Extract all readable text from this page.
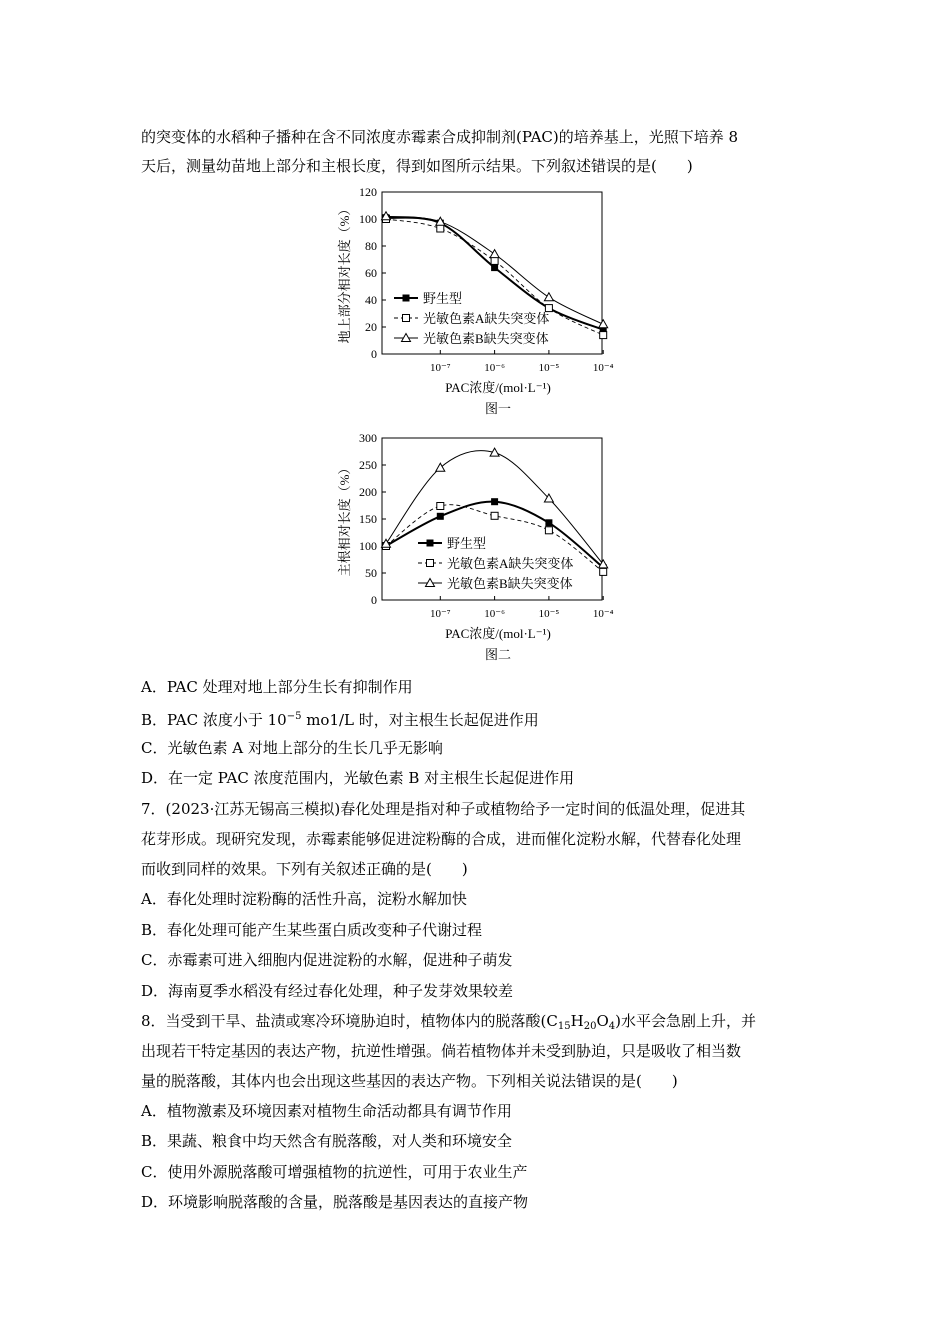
的突变体的水稻种子播种在含不同浓度赤霉素合成抑制剂(PAC)的培养基上，光照下培养 8
天后，测量幼苗地上部分和主根长度，得到如图所示结果。下列叙述错误的是(　　)
0
20
40
60
80
100
120
10⁻⁷	10⁻⁶	10⁻⁵	10⁻⁴
地上部分相对长度（%）
PAC浓度/(mol·L⁻¹)
图一
野生型
光敏色素A缺失突变体
光敏色素B缺失突变体
0
50
100
150
200
250
300
10⁻⁷	10⁻⁶	10⁻⁵	10⁻⁴
主根相对长度（%）
PAC浓度/(mol·L⁻¹)
图二
野生型
光敏色素A缺失突变体
光敏色素B缺失突变体
A．PAC 处理对地上部分生长有抑制作用
B．PAC 浓度小于 $10^{-5}$ mo1/L 时，对主根生长起促进作用
C．光敏色素 A 对地上部分的生长几乎无影响
D．在一定 PAC 浓度范围内，光敏色素 B 对主根生长起促进作用
7．(2023·江苏无锡高三模拟)春化处理是指对种子或植物给予一定时间的低温处理，促进其
花芽形成。现研究发现，赤霉素能够促进淀粉酶的合成，进而催化淀粉水解，代替春化处理
而收到同样的效果。下列有关叙述正确的是(　　)
A．春化处理时淀粉酶的活性升高，淀粉水解加快
B．春化处理可能产生某些蛋白质改变种子代谢过程
C．赤霉素可进入细胞内促进淀粉的水解，促进种子萌发
D．海南夏季水稻没有经过春化处理，种子发芽效果较差
8．当受到干旱、盐渍或寒冷环境胁迫时，植物体内的脱落酸$(C_{15}H_{20}O_4)$水平会急剧上升，并
出现若干特定基因的表达产物，抗逆性增强。倘若植物体并未受到胁迫，只是吸收了相当数
量的脱落酸，其体内也会出现这些基因的表达产物。下列相关说法错误的是(　　)
A．植物激素及环境因素对植物生命活动都具有调节作用
B．果蔬、粮食中均天然含有脱落酸，对人类和环境安全
C．使用外源脱落酸可增强植物的抗逆性，可用于农业生产
D．环境影响脱落酸的含量，脱落酸是基因表达的直接产物
